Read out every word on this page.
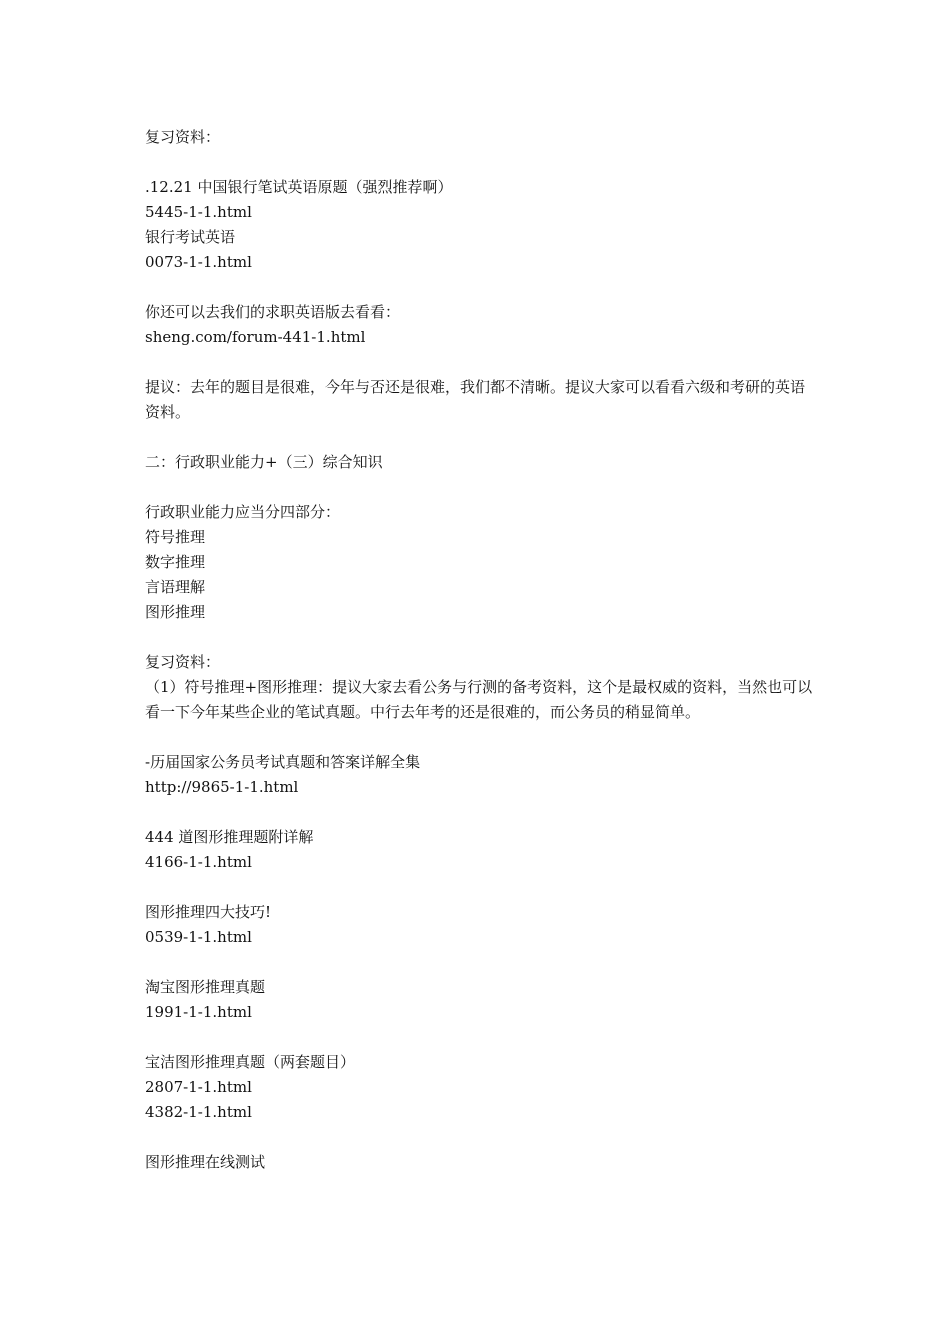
复习资料：
.12.21 中国银行笔试英语原题（强烈推荐啊）
5445-1-1.html
银行考试英语
0073-1-1.html
你还可以去我们的求职英语版去看看：
sheng.com/forum-441-1.html
提议：去年的题目是很难，今年与否还是很难，我们都不清晰。提议大家可以看看六级和考研的英语资料。
二：行政职业能力+（三）综合知识
行政职业能力应当分四部分：
符号推理
数字推理
言语理解
图形推理
复习资料：
（1）符号推理+图形推理：提议大家去看公务与行测的备考资料，这个是最权威的资料，当然也可以看一下今年某些企业的笔试真题。中行去年考的还是很难的，而公务员的稍显简单。
-历届国家公务员考试真题和答案详解全集
http://9865-1-1.html
444 道图形推理题附详解
4166-1-1.html
图形推理四大技巧!
0539-1-1.html
淘宝图形推理真题
1991-1-1.html
宝洁图形推理真题（两套题目）
2807-1-1.html
4382-1-1.html
图形推理在线测试
